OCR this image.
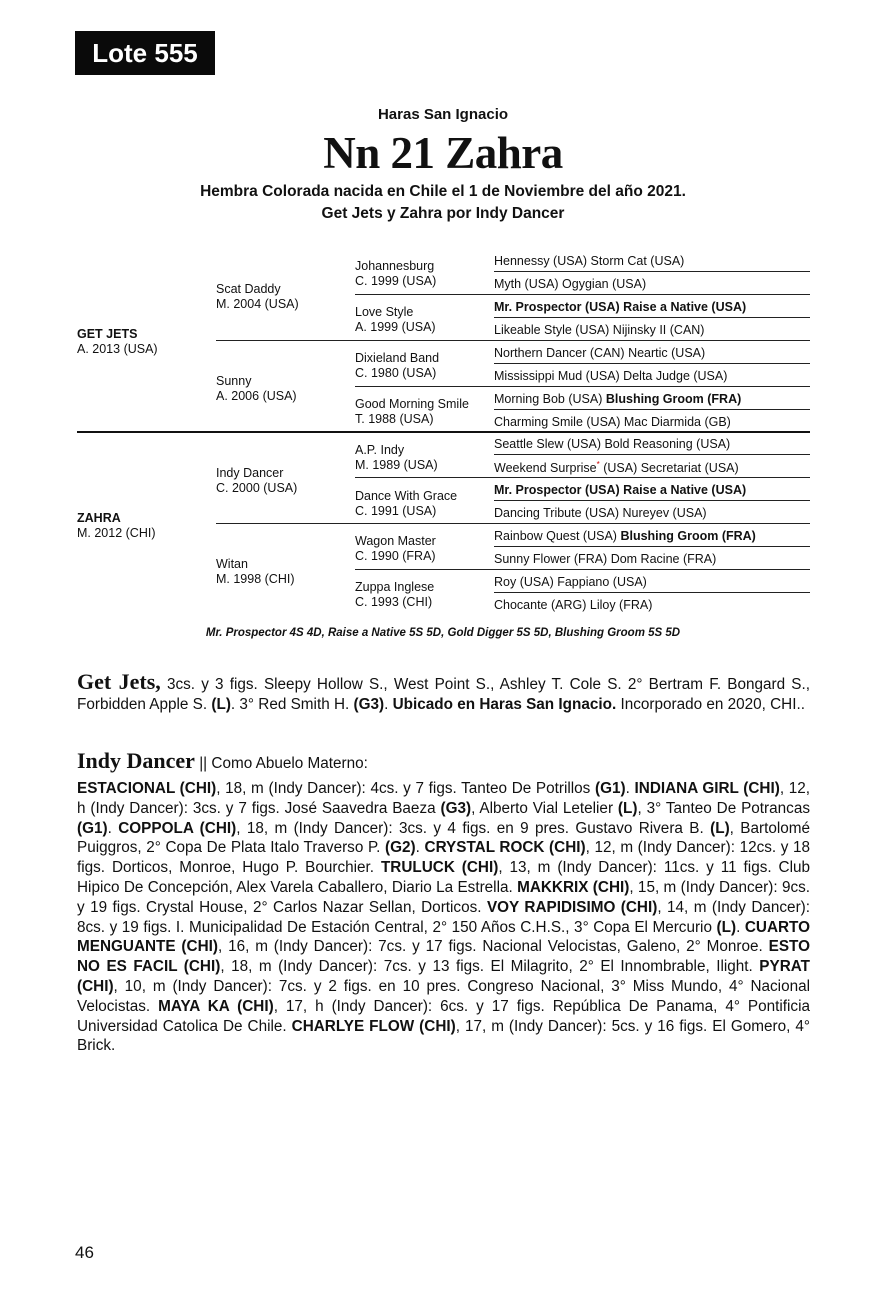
Lote 555
Haras San Ignacio
Nn 21 Zahra
Hembra Colorada nacida en Chile el 1 de Noviembre del año 2021.
Get Jets y Zahra por Indy Dancer
GET JETS
A. 2013 (USA)
ZAHRA
M. 2012 (CHI)
Scat Daddy
M. 2004 (USA)
Sunny
A. 2006 (USA)
Indy Dancer
C. 2000 (USA)
Witan
M. 1998 (CHI)
Johannesburg
C. 1999 (USA)
Love Style
A. 1999 (USA)
Dixieland Band
C. 1980 (USA)
Good Morning Smile
T. 1988 (USA)
A.P. Indy
M. 1989 (USA)
Dance With Grace
C. 1991 (USA)
Wagon Master
C. 1990 (FRA)
Zuppa Inglese
C. 1993 (CHI)
Hennessy (USA) Storm Cat (USA)
Myth (USA) Ogygian (USA)
Mr. Prospector (USA) Raise a Native (USA)
Likeable Style (USA) Nijinsky II (CAN)
Northern Dancer (CAN) Neartic (USA)
Mississippi Mud (USA) Delta Judge (USA)
Morning Bob (USA) Blushing Groom (FRA)
Charming Smile (USA) Mac Diarmida (GB)
Seattle Slew (USA) Bold Reasoning (USA)
Weekend Surprise* (USA) Secretariat (USA)
Mr. Prospector (USA) Raise a Native (USA)
Dancing Tribute (USA) Nureyev (USA)
Rainbow Quest (USA) Blushing Groom (FRA)
Sunny Flower (FRA) Dom Racine (FRA)
Roy (USA) Fappiano (USA)
Chocante (ARG) Liloy (FRA)
Mr. Prospector 4S 4D, Raise a Native 5S 5D, Gold Digger 5S 5D, Blushing Groom 5S 5D
Get Jets, 3cs. y 3 figs. Sleepy Hollow S., West Point S., Ashley T. Cole S. 2° Bertram F. Bongard S., Forbidden Apple S. (L). 3° Red Smith H. (G3). Ubicado en Haras San Ignacio. Incorporado en 2020, CHI..
Indy Dancer || Como Abuelo Materno:
ESTACIONAL (CHI), 18, m (Indy Dancer): 4cs. y 7 figs. Tanteo De Potrillos (G1). INDIANA GIRL (CHI), 12, h (Indy Dancer): 3cs. y 7 figs. José Saavedra Baeza (G3), Alberto Vial Letelier (L), 3° Tanteo De Potrancas (G1). COPPOLA (CHI), 18, m (Indy Dancer): 3cs. y 4 figs. en 9 pres. Gustavo Rivera B. (L), Bartolomé Puiggros, 2° Copa De Plata Italo Traverso P. (G2). CRYSTAL ROCK (CHI), 12, m (Indy Dancer): 12cs. y 18 figs. Dorticos, Monroe, Hugo P. Bourchier. TRULUCK (CHI), 13, m (Indy Dancer): 11cs. y 11 figs. Club Hipico De Concepción, Alex Varela Caballero, Diario La Estrella. MAKKRIX (CHI), 15, m (Indy Dancer): 9cs. y 19 figs. Crystal House, 2° Carlos Nazar Sellan, Dorticos. VOY RAPIDISIMO (CHI), 14, m (Indy Dancer): 8cs. y 19 figs. I. Municipalidad De Estación Central, 2° 150 Años C.H.S., 3° Copa El Mercurio (L). CUARTO MENGUANTE (CHI), 16, m (Indy Dancer): 7cs. y 17 figs. Nacional Velocistas, Galeno, 2° Monroe. ESTO NO ES FACIL (CHI), 18, m (Indy Dancer): 7cs. y 13 figs. El Milagrito, 2° El Innombrable, Ilight. PYRAT (CHI), 10, m (Indy Dancer): 7cs. y 2 figs. en 10 pres. Congreso Nacional, 3° Miss Mundo, 4° Nacional Velocistas. MAYA KA (CHI), 17, h (Indy Dancer): 6cs. y 17 figs. República De Panama, 4° Pontificia Universidad Catolica De Chile. CHARLYE FLOW (CHI), 17, m (Indy Dancer): 5cs. y 16 figs. El Gomero, 4° Brick.
46
